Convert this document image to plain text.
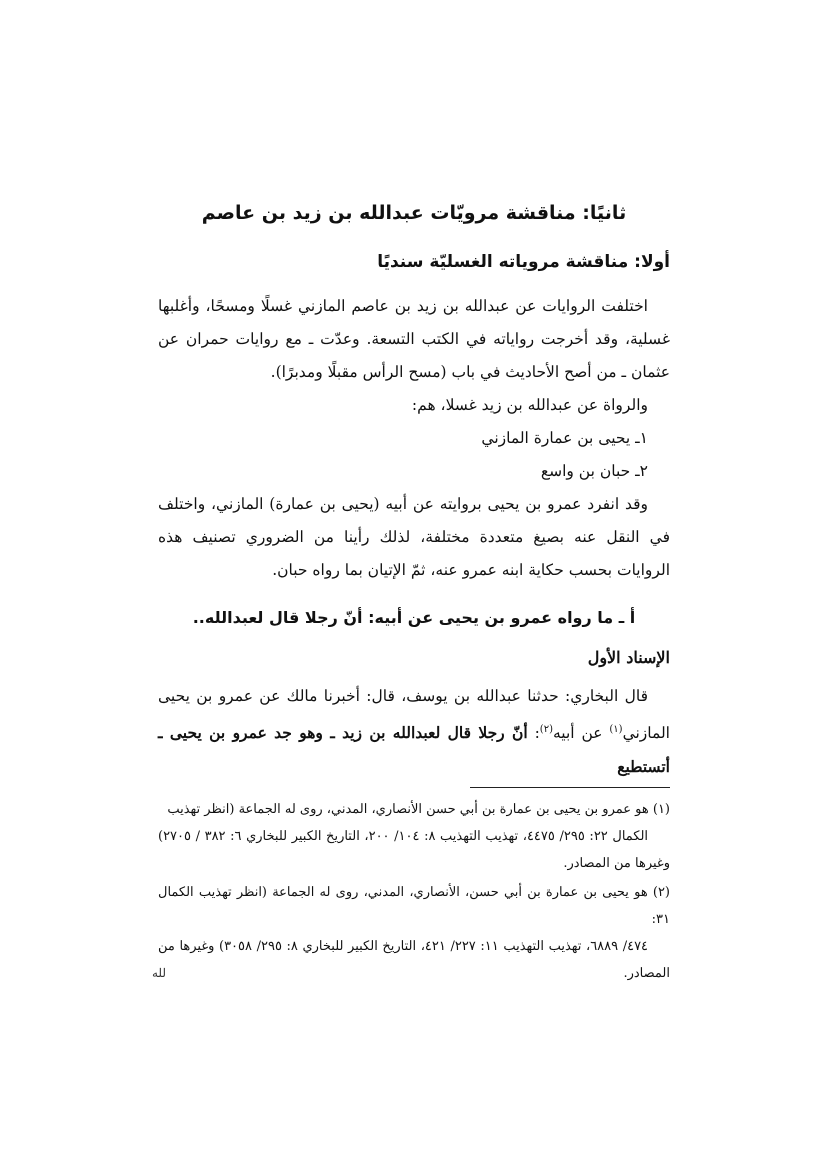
ثانيًا: مناقشة مرويّات عبدالله بن زيد بن عاصم
أولا: مناقشة مروياته الغسليّة سنديًا

اختلفت الروايات عن عبدالله بن زيد بن عاصم المازني غسلًا ومسحًا، وأغلبها غسلية، وقد أخرجت رواياته في الكتب التسعة. وعدّت ـ مع روايات حمران عن عثمان ـ من أصح الأحاديث في باب (مسح الرأس مقبلًا ومدبرًا).

والرواة عن عبدالله بن زيد غسلا، هم:

١ـ يحيى بن عمارة المازني

٢ـ حبان بن واسع

وقد انفرد عمرو بن يحيى بروايته عن أبيه (يحيى بن عمارة) المازني، واختلف في النقل عنه بصيغ متعددة مختلفة، لذلك رأينا من الضروري تصنيف هذه الروايات بحسب حكاية ابنه عمرو عنه، ثمّ الإتيان بما رواه حبان.

أ ـ ما رواه عمرو بن يحيى عن أبيه: أنّ رجلا قال لعبدالله..
الإسناد الأول

قال البخاري: حدثنا عبدالله بن يوسف، قال: أخبرنا مالك عن عمرو بن يحيى المازني$^{(١)}$ عن أبيه$^{(٢)}$: أنّ رجلا قال لعبدالله بن زيد ـ وهو جد عمرو بن يحيى ـ أتستطيع

(١) هو عمرو بن يحيى بن عمارة بن أبي حسن الأنصاري، المدني، روى له الجماعة (انظر تهذيب
الكمال ٢٢: ٢٩٥/ ٤٤٧٥، تهذيب التهذيب ٨: ١٠٤/ ٢٠٠، التاريخ الكبير للبخاري ٦: ٣٨٢ / ٢٧٠٥) وغيرها من المصادر.
(٢) هو يحيى بن عمارة بن أبي حسن، الأنصاري، المدني، روى له الجماعة (انظر تهذيب الكمال ٣١:
٤٧٤/ ٦٨٨٩، تهذيب التهذيب ١١: ٢٢٧/ ٤٢١، التاريخ الكبير للبخاري ٨: ٢٩٥/ ٣٠٥٨) وغيرها من المصادر.
لله
